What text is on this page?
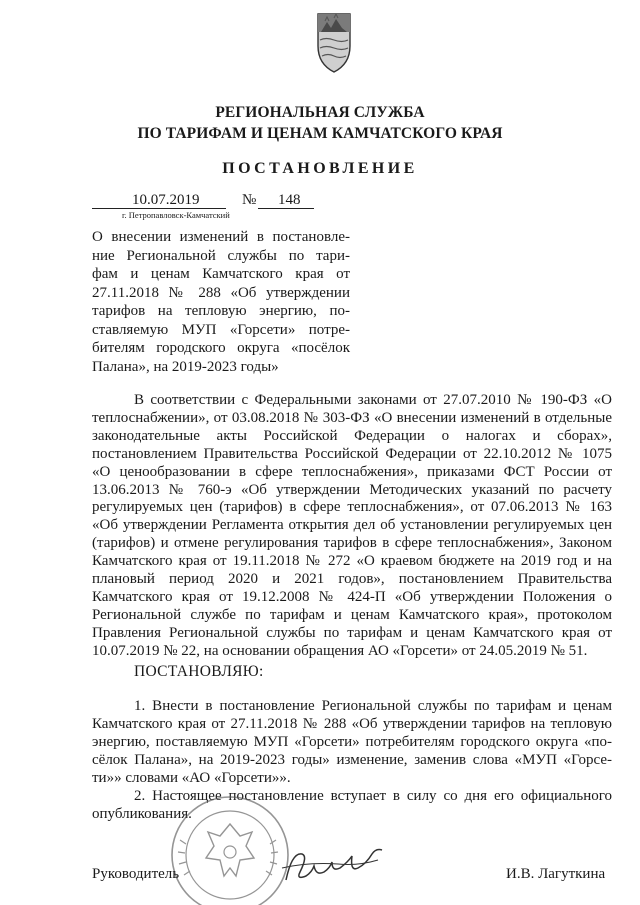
РЕГИОНАЛЬНАЯ СЛУЖБА
ПО ТАРИФАМ И ЦЕНАМ КАМЧАТСКОГО КРАЯ
ПОСТАНОВЛЕНИЕ
10.07.2019	№ 148
г. Петропавловск-Камчатский
О внесении изменений в постановле-
ние Региональной службы по тари-
фам и ценам Камчатского края от
27.11.2018 № 288 «Об утверждении
тарифов на тепловую энергию, по-
ставляемую МУП «Горсети» потре-
бителям городского округа «посёлок
Палана», на 2019-2023 годы»
В соответствии с Федеральными законами от 27.07.2010 № 190-ФЗ «О
теплоснабжении», от 03.08.2018 № 303-ФЗ «О внесении изменений в отдельные
законодательные акты Российской Федерации о налогах и сборах»,
постановлением Правительства Российской Федерации от 22.10.2012 № 1075
«О ценообразовании в сфере теплоснабжения», приказами ФСТ России от
13.06.2013 № 760-э «Об утверждении Методических указаний по расчету
регулируемых цен (тарифов) в сфере теплоснабжения», от 07.06.2013 № 163
«Об утверждении Регламента открытия дел об установлении регулируемых цен
(тарифов) и отмене регулирования тарифов в сфере теплоснабжения», Законом
Камчатского края от 19.11.2018 № 272 «О краевом бюджете на 2019 год и на
плановый период 2020 и 2021 годов», постановлением Правительства
Камчатского края от 19.12.2008 № 424-П «Об утверждении Положения о
Региональной службе по тарифам и ценам Камчатского края», протоколом
Правления Региональной службы по тарифам и ценам Камчатского края от
10.07.2019 № 22, на основании обращения АО «Горсети» от 24.05.2019 № 51.
ПОСТАНОВЛЯЮ:
1. Внести в постановление Региональной службы по тарифам и ценам
Камчатского края от 27.11.2018 № 288 «Об утверждении тарифов на тепловую
энергию, поставляемую МУП «Горсети» потребителям городского округа «по-
сёлок Палана», на 2019-2023 годы» изменение, заменив слова «МУП «Горсе-
ти»» словами «АО «Горсети»».
2. Настоящее постановление вступает в силу со дня его официального
опубликования.
Руководитель	И.В. Лагуткина
